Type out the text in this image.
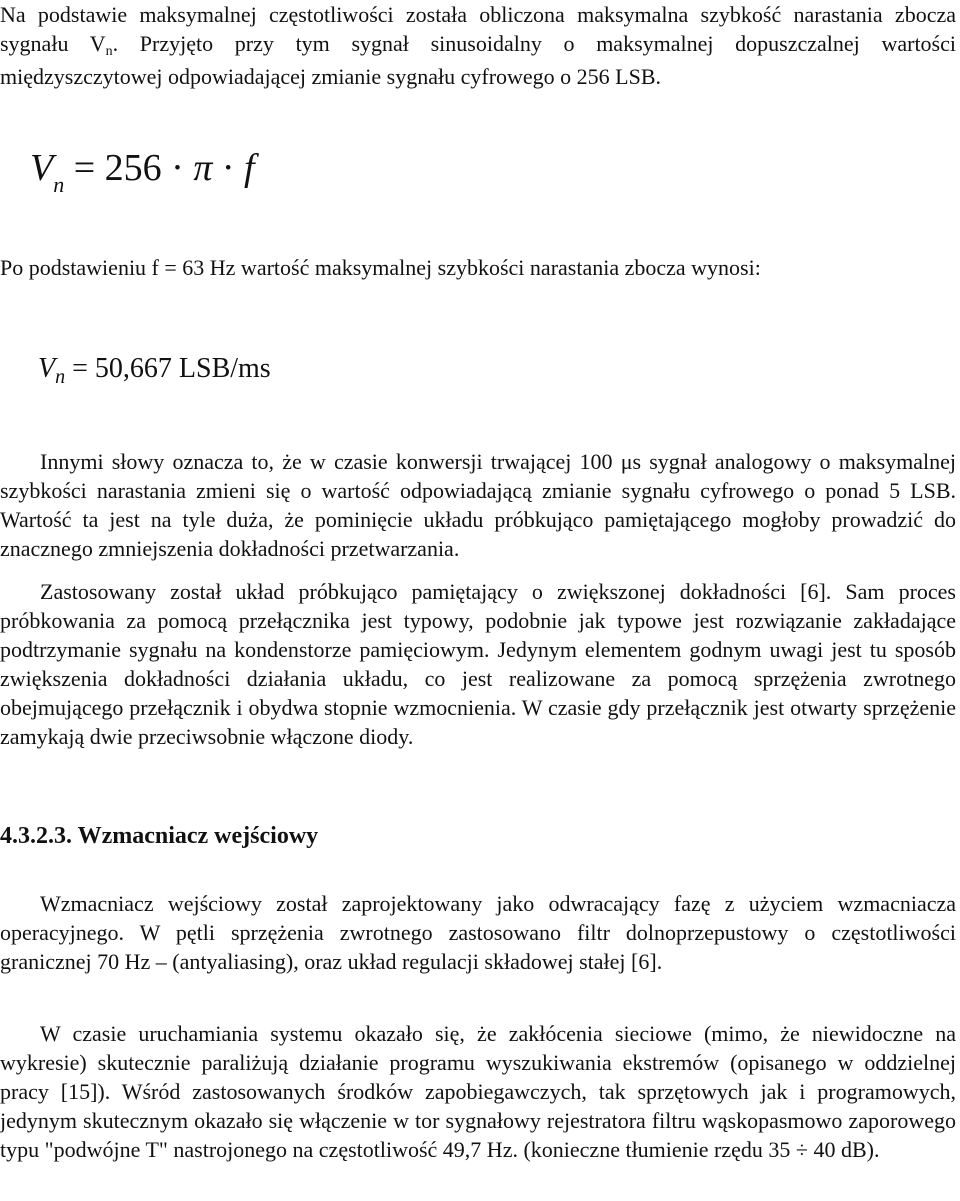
Na podstawie maksymalnej częstotliwości została obliczona maksymalna szybkość narastania zbocza sygnału Vn. Przyjęto przy tym sygnał sinusoidalny o maksymalnej dopuszczalnej wartości międzyszczytowej odpowiadającej zmianie sygnału cyfrowego o 256 LSB.

$V_n = 256 \cdot \pi \cdot f$

Po podstawieniu f = 63 Hz wartość maksymalnej szybkości narastania zbocza wynosi:

$V_n = 50,667$ LSB/ms

Innymi słowy oznacza to, że w czasie konwersji trwającej 100 μs sygnał analogowy o maksymalnej szybkości narastania zmieni się o wartość odpowiadającą zmianie sygnału cyfrowego o ponad 5 LSB. Wartość ta jest na tyle duża, że pominięcie układu próbkująco pamiętającego mogłoby prowadzić do znacznego zmniejszenia dokładności przetwarzania.

Zastosowany został układ próbkująco pamiętający o zwiększonej dokładności [6]. Sam proces próbkowania za pomocą przełącznika jest typowy, podobnie jak typowe jest rozwiązanie zakładające podtrzymanie sygnału na kondenstorze pamięciowym. Jedynym elementem godnym uwagi jest tu sposób zwiększenia dokładności działania układu, co jest realizowane za pomocą sprzężenia zwrotnego obejmującego przełącznik i obydwa stopnie wzmocnienia. W czasie gdy przełącznik jest otwarty sprzężenie zamykają dwie przeciwsobnie włączone diody.

4.3.2.3. Wzmacniacz wejściowy

Wzmacniacz wejściowy został zaprojektowany jako odwracający fazę z użyciem wzmacniacza operacyjnego. W pętli sprzężenia zwrotnego zastosowano filtr dolnoprzepustowy o częstotliwości granicznej 70 Hz – (antyaliasing), oraz układ regulacji składowej stałej [6].

W czasie uruchamiania systemu okazało się, że zakłócenia sieciowe (mimo, że niewidoczne na wykresie) skutecznie paraliżują działanie programu wyszukiwania ekstremów (opisanego w oddzielnej pracy [15]). Wśród zastosowanych środków zapobiegawczych, tak sprzętowych jak i programowych, jedynym skutecznym okazało się włączenie w tor sygnałowy rejestratora filtru wąskopasmowo zaporowego typu "podwójne T" nastrojonego na częstotliwość 49,7 Hz. (konieczne tłumienie rzędu 35 ÷ 40 dB).
